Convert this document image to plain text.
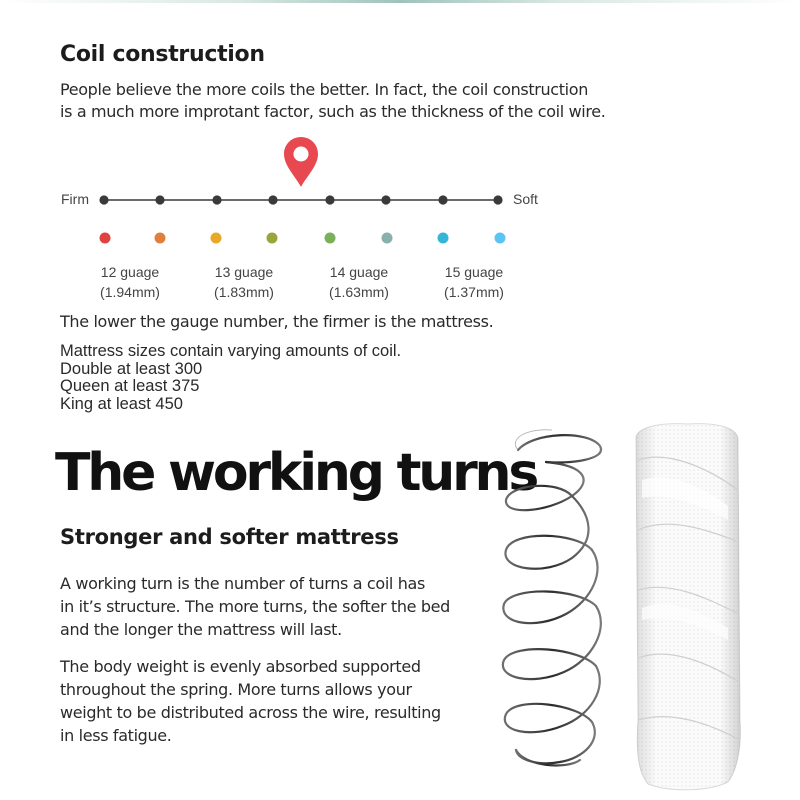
Coil construction
People believe the more coils the better. In fact, the coil construction
is a much more improtant factor, such as the thickness of the coil wire.
Firm	Soft
12 guage
(1.94mm)
13 guage
(1.83mm)
14 guage
(1.63mm)
15 guage
(1.37mm)
The lower the gauge number, the firmer is the mattress.
Mattress sizes contain varying amounts of coil.
Double at least 300
Queen at least 375
King at least 450
The working turns
Stronger and softer mattress
A working turn is the number of turns a coil has
in it’s structure. The more turns, the softer the bed
and the longer the mattress will last.
The body weight is evenly absorbed supported
throughout the spring. More turns allows your
weight to be distributed across the wire, resulting
in less fatigue.
